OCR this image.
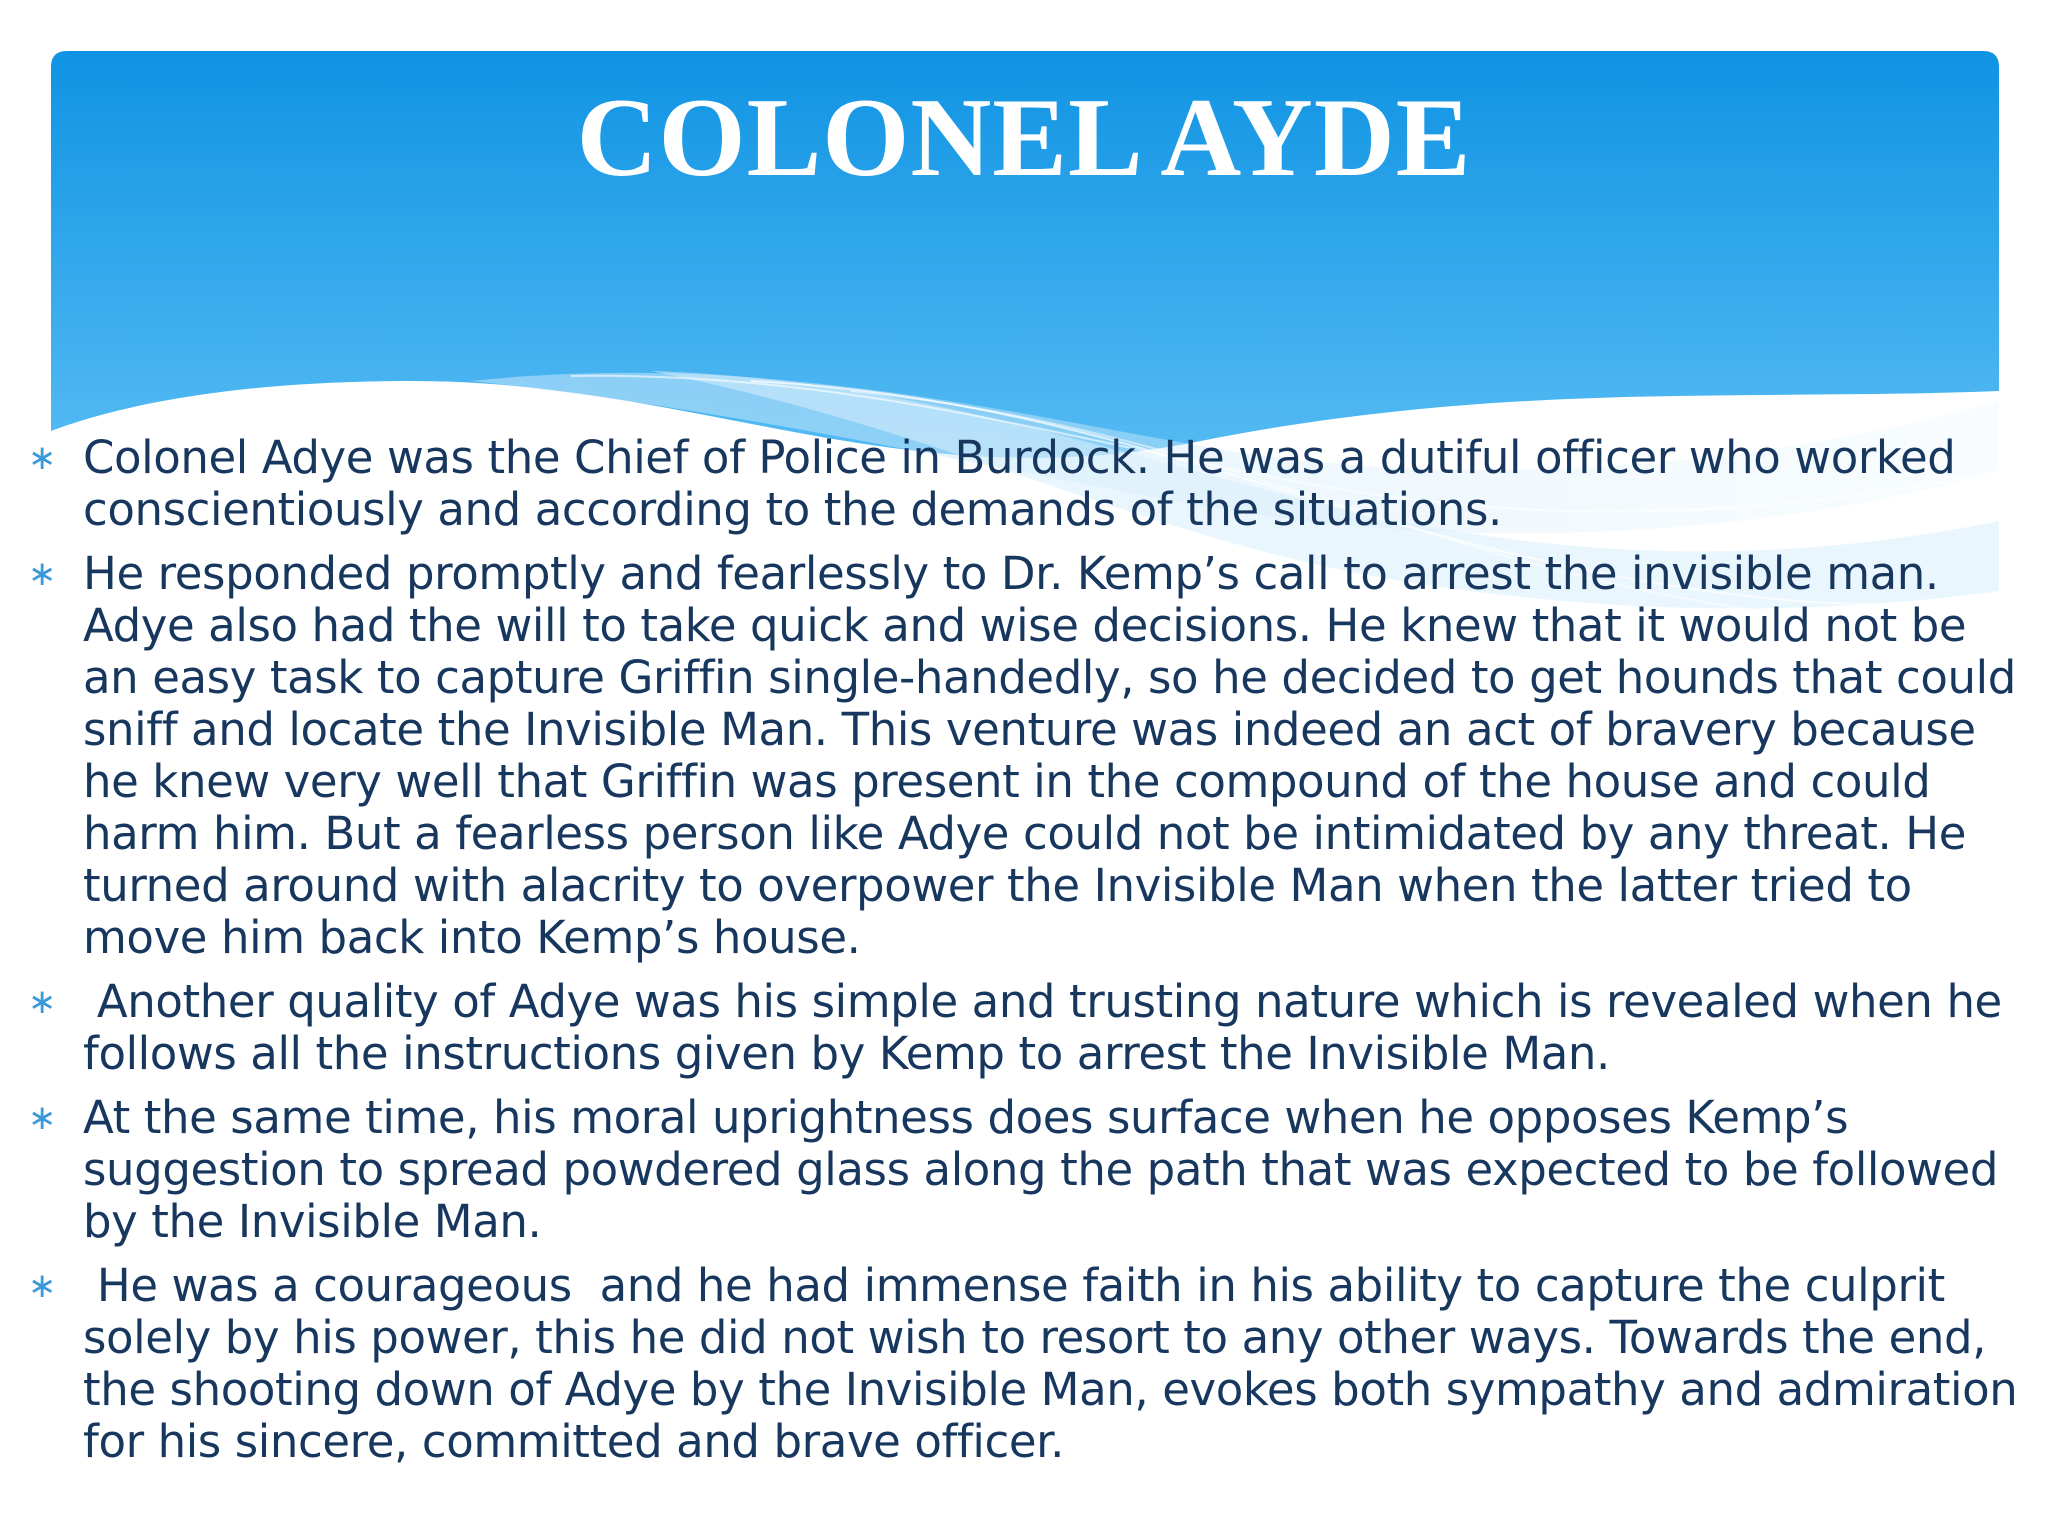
COLONEL AYDE
∗ Colonel Adye was the Chief of Police in Burdock. He was a dutiful officer who worked conscientiously and according to the demands of the situations.
∗ He responded promptly and fearlessly to Dr. Kemp’s call to arrest the invisible man. Adye also had the will to take quick and wise decisions. He knew that it would not be an easy task to capture Griffin single-handedly, so he decided to get hounds that could sniff and locate the Invisible Man. This venture was indeed an act of bravery because he knew very well that Griffin was present in the compound of the house and could harm him. But a fearless person like Adye could not be intimidated by any threat. He turned around with alacrity to overpower the Invisible Man when the latter tried to move him back into Kemp’s house.
∗ Another quality of Adye was his simple and trusting nature which is revealed when he follows all the instructions given by Kemp to arrest the Invisible Man.
∗ At the same time, his moral uprightness does surface when he opposes Kemp’s suggestion to spread powdered glass along the path that was expected to be followed by the Invisible Man.
∗ He was a courageous  and he had immense faith in his ability to capture the culprit solely by his power, this he did not wish to resort to any other ways. Towards the end, the shooting down of Adye by the Invisible Man, evokes both sympathy and admiration for his sincere, committed and brave officer.
